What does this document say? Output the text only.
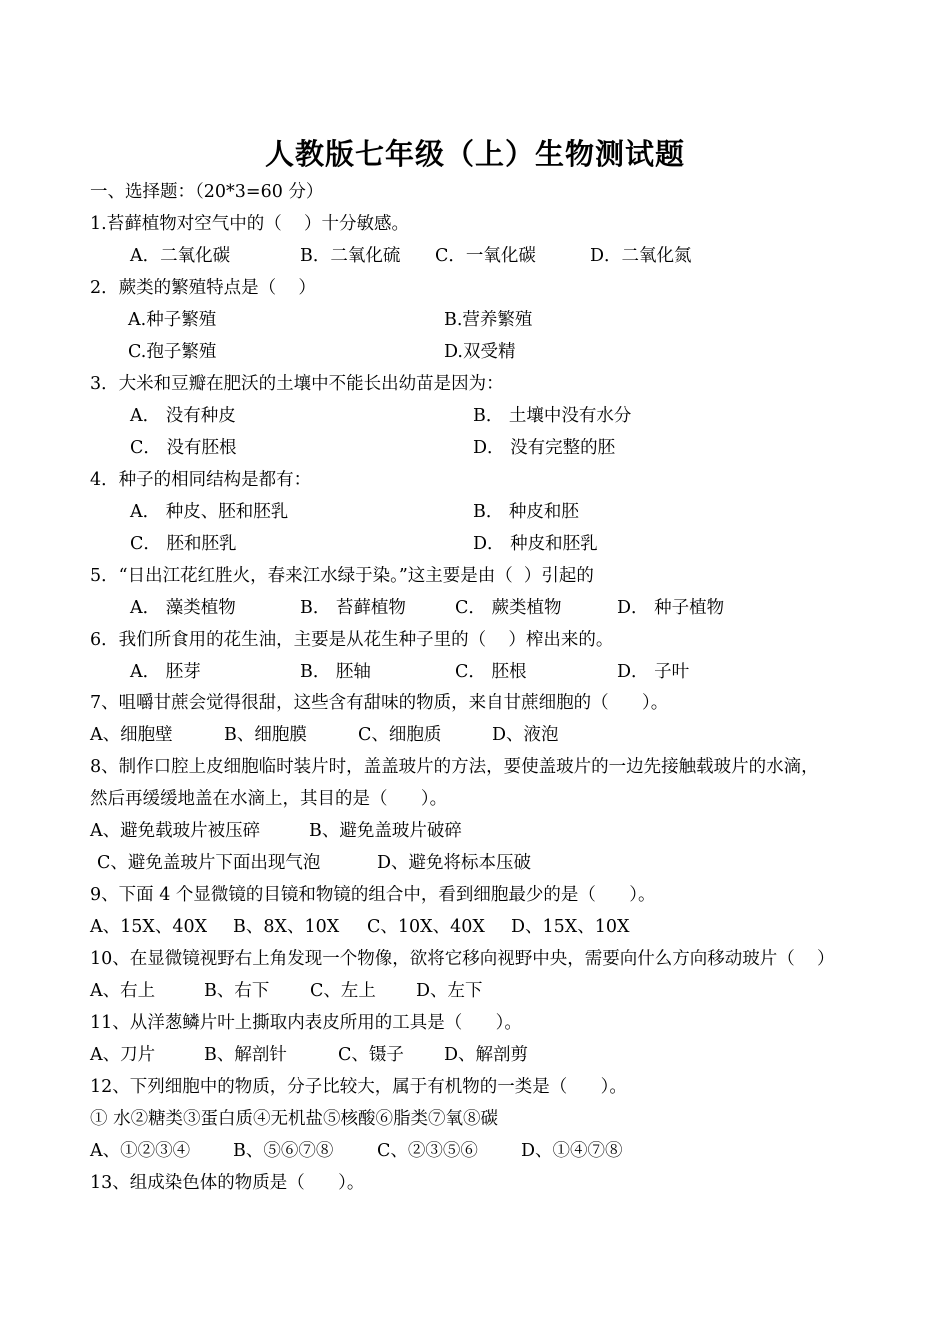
人教版七年级（上）生物测试题
一、选择题：（20*3=60 分）
1.苔藓植物对空气中的（    ）十分敏感。
A．二氧化碳	B．二氧化硫 C．一氧化碳	D．二氧化氮
2．蕨类的繁殖特点是（    ）
A.种子繁殖	B.营养繁殖
C.孢子繁殖	D.双受精
3．大米和豆瓣在肥沃的土壤中不能长出幼苗是因为：
A． 没有种皮	B． 土壤中没有水分
C． 没有胚根	D． 没有完整的胚
4．种子的相同结构是都有：
A． 种皮、胚和胚乳	B． 种皮和胚
C． 胚和胚乳	D． 种皮和胚乳
5．“日出江花红胜火，春来江水绿于染。”这主要是由（  ）引起的
A． 藻类植物	B． 苔藓植物	C． 蕨类植物	D． 种子植物
6．我们所食用的花生油，主要是从花生种子里的（    ）榨出来的。
A． 胚芽	B． 胚轴	C． 胚根	D． 子叶
7、咀嚼甘蔗会觉得很甜，这些含有甜味的物质，来自甘蔗细胞的（      ）。
A、细胞壁	B、细胞膜	C、细胞质	D、液泡
8、制作口腔上皮细胞临时装片时，盖盖玻片的方法，要使盖玻片的一边先接触载玻片的水滴，
然后再缓缓地盖在水滴上，其目的是（      ）。
A、避免载玻片被压碎	B、避免盖玻片破碎
C、避免盖玻片下面出现气泡	D、避免将标本压破
9、下面 4 个显微镜的目镜和物镜的组合中，看到细胞最少的是（      ）。
A、15X、40X B、8X、10X C、10X、40X D、15X、10X
10、在显微镜视野右上角发现一个物像，欲将它移向视野中央，需要向什么方向移动玻片（    ）
A、右上	B、右下 C、左上 D、左下
11、从洋葱鳞片叶上撕取内表皮所用的工具是（      ）。
A、刀片	B、解剖针	C、镊子 D、解剖剪
12、下列细胞中的物质，分子比较大，属于有机物的一类是（      ）。
① 水②糖类③蛋白质④无机盐⑤核酸⑥脂类⑦氧⑧碳
A、①②③④ B、⑤⑥⑦⑧ C、②③⑤⑥ D、①④⑦⑧
13、组成染色体的物质是（      ）。
